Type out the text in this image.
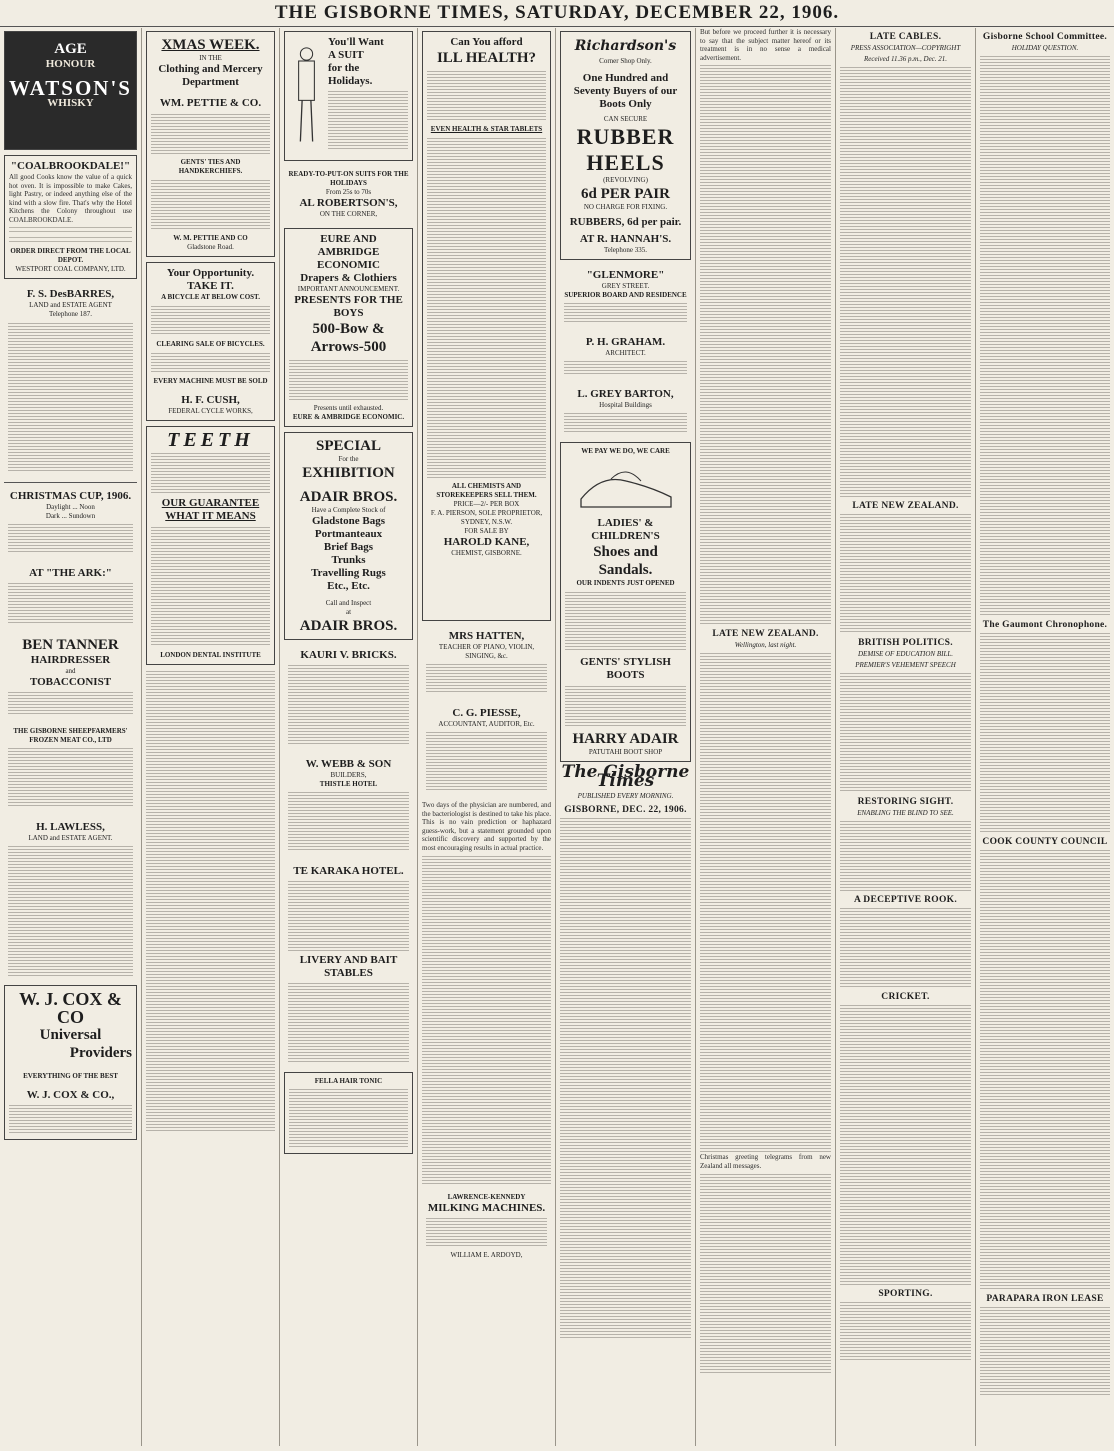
THE GISBORNE TIMES, SATURDAY, DECEMBER 22, 1906.
AGE
HONOUR
WATSON'S
WHISKY
"COALBROOKDALE!"
All good Cooks know the value of a quick hot oven. It is impossible to make Cakes, light Pastry, or indeed anything else of the kind with a slow fire. That's why the Hotel Kitchens the Colony throughout use COALBROOKDALE.
ORDER DIRECT FROM THE LOCAL DEPOT.
WESTPORT COAL COMPANY, LTD.
F. S. DesBARRES,
LAND and ESTATE AGENT
Telephone 187.
CHRISTMAS CUP, 1906.
Daylight ... Noon
Dark ... Sundown
AT "THE ARK:"
BEN TANNER
HAIRDRESSER
and
TOBACCONIST
THE GISBORNE SHEEPFARMERS' FROZEN MEAT CO., LTD
H. LAWLESS,
LAND and ESTATE AGENT.
W. J. COX & CO
Universal
Providers
EVERYTHING OF THE BEST
W. J. COX & CO.,
XMAS WEEK.
IN THE
Clothing and Mercery Department
WM. PETTIE & CO.
GENTS' TIES AND HANDKERCHIEFS.
W. M. PETTIE AND CO
Gladstone Road.
Your Opportunity.
TAKE IT.
A BICYCLE AT BELOW COST.
CLEARING SALE OF BICYCLES.
EVERY MACHINE MUST BE SOLD
H. F. CUSH,
FEDERAL CYCLE WORKS,
TEETH
OUR GUARANTEE
WHAT IT MEANS
LONDON DENTAL INSTITUTE
You'll Want
A SUIT
for the
Holidays.
READY-TO-PUT-ON SUITS FOR THE HOLIDAYS
From 25s to 70s
AL ROBERTSON'S,
ON THE CORNER,
EURE AND AMBRIDGE
ECONOMIC
Drapers & Clothiers
IMPORTANT ANNOUNCEMENT.
PRESENTS FOR THE BOYS
500-Bow & Arrows-500
Presents until exhausted.
EURE & AMBRIDGE ECONOMIC.
SPECIAL
For the
EXHIBITION
ADAIR BROS.
Have a Complete Stock of
Gladstone Bags
Portmanteaux
Brief Bags
Trunks
Travelling Rugs
Etc., Etc.
Call and Inspect
at
ADAIR BROS.
KAURI V. BRICKS.
W. WEBB & SON
BUILDERS,
THISTLE HOTEL
TE KARAKA HOTEL.
LIVERY AND BAIT STABLES
FELLA HAIR TONIC
Can You afford
ILL HEALTH?
EVEN HEALTH & STAR TABLETS
ALL CHEMISTS AND STOREKEEPERS SELL THEM.
PRICE—2/- PER BOX
F. A. PIERSON, SOLE PROPRIETOR, SYDNEY, N.S.W.
FOR SALE BY
HAROLD KANE,
CHEMIST, GISBORNE.
MRS HATTEN,
TEACHER OF PIANO, VIOLIN, SINGING, &c.
C. G. PIESSE,
ACCOUNTANT, AUDITOR, Etc.
Two days of the physician are numbered, and the bacteriologist is destined to take his place. This is no vain prediction or haphazard guess-work, but a statement grounded upon scientific discovery and supported by the most encouraging results in actual practice.
LAWRENCE-KENNEDY
MILKING MACHINES.
WILLIAM E. ARDOYD,
Richardson's
Corner Shop Only.
One Hundred and Seventy Buyers of our Boots Only
CAN SECURE
RUBBER HEELS
(REVOLVING)
6d PER PAIR
NO CHARGE FOR FIXING.
RUBBERS, 6d per pair.
AT R. HANNAH'S.
Telephone 335.
"GLENMORE"
GREY STREET.
SUPERIOR BOARD AND RESIDENCE
P. H. GRAHAM.
ARCHITECT.
L. GREY BARTON,
Hospital Buildings
WE PAY WE DO, WE CARE
LADIES' & CHILDREN'S
Shoes and Sandals.
OUR INDENTS JUST OPENED
GENTS' STYLISH BOOTS
HARRY ADAIR
PATUTAHI BOOT SHOP
The Gisborne Times
PUBLISHED EVERY MORNING.
GISBORNE, DEC. 22, 1906.
But before we proceed further it is necessary to say that the subject matter hereof or its treatment is in no sense a medical advertisement.
LATE NEW ZEALAND.
Wellington, last night.
Christmas greeting telegrams from new Zealand all messages.
LATE CABLES.
PRESS ASSOCIATION—COPYRIGHT
Received 11.36 p.m., Dec. 21.
LATE NEW ZEALAND.
BRITISH POLITICS.
DEMISE OF EDUCATION BILL.
PREMIER'S VEHEMENT SPEECH
RESTORING SIGHT.
ENABLING THE BLIND TO SEE.
A DECEPTIVE ROOK.
CRICKET.
SPORTING.
Gisborne School Committee.
HOLIDAY QUESTION.
The Gaumont Chronophone.
COOK COUNTY COUNCIL
PARAPARA IRON LEASE
